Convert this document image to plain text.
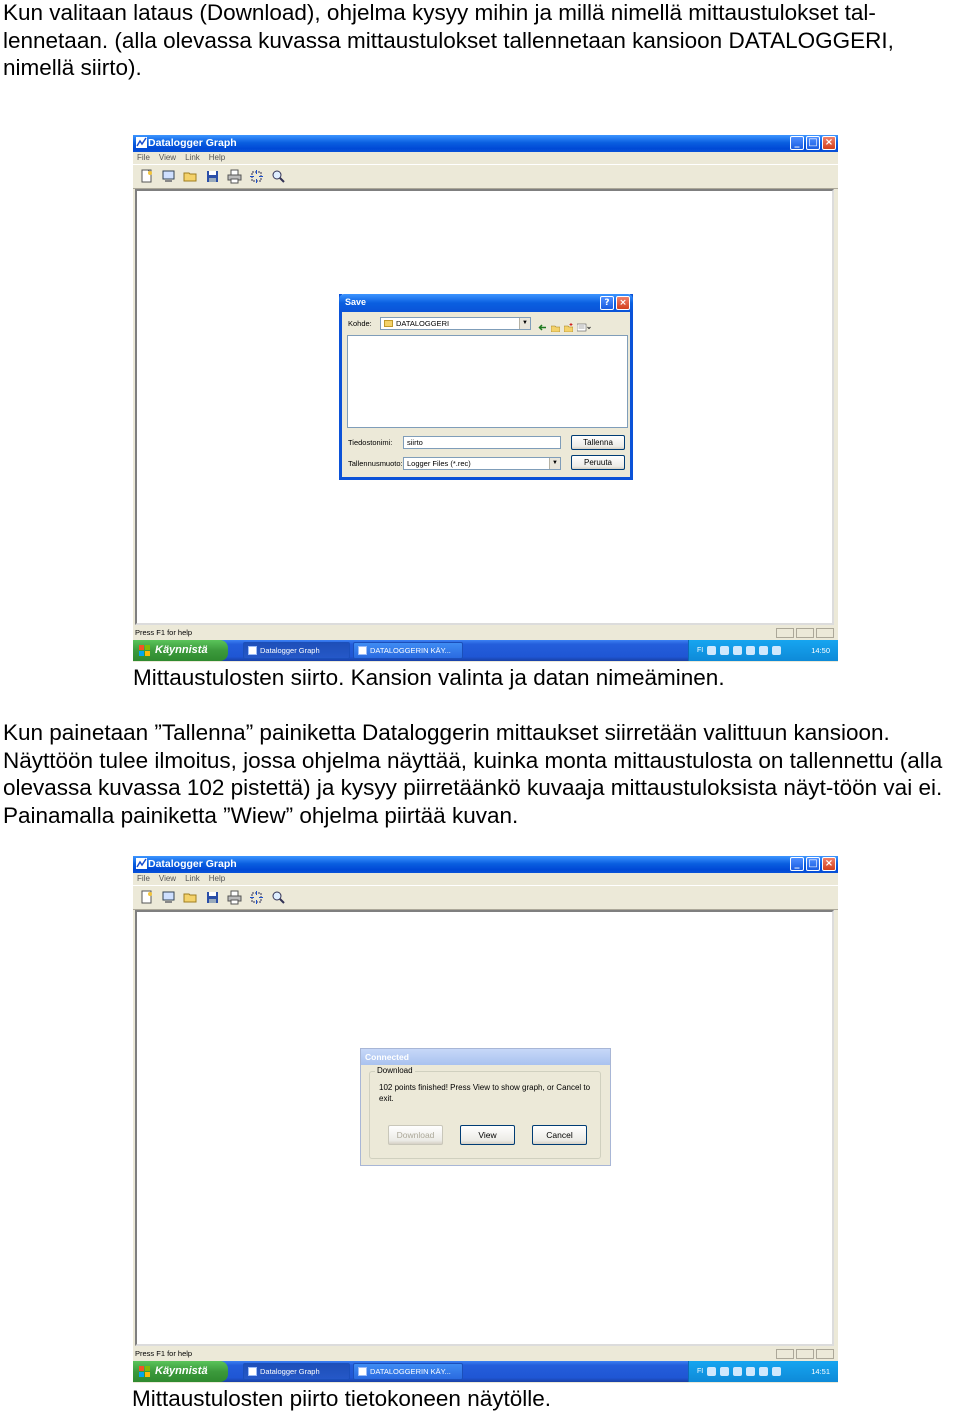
Kun valitaan lataus (Download), ohjelma kysyy mihin ja millä nimellä mittaustulokset tal-lennetaan. (alla olevassa kuvassa mittaustulokset tallennetaan kansioon DATALOGGERI, nimellä siirto).

Datalogger Graph	_ □ ×
File View Link Help
Press F1 for help
Käynnistä	Datalogger Graph	DATALOGGERIN KÄY...	FI	14:50
Save	?	×
Kohde:	DATALOGGERI	▼
Tiedostonimi:	siirto
Tallennusmuoto: Logger Files (*.rec)	▼
Tallenna
Peruuta
Mittaustulosten siirto. Kansion valinta ja datan nimeäminen.

Kun painetaan ”Tallenna” painiketta Dataloggerin mittaukset siirretään valittuun kansioon. Näyttöön tulee ilmoitus, jossa ohjelma näyttää, kuinka monta mittaustulosta on tallennettu (alla olevassa kuvassa 102 pistettä) ja kysyy piirretäänkö kuvaaja mittaustuloksista näyt-töön vai ei. Painamalla painiketta ”Wiew” ohjelma piirtää kuvan.

Datalogger Graph	_ □ ×
File View Link Help
Press F1 for help
Käynnistä	Datalogger Graph	DATALOGGERIN KÄY...	FI	14:51
Connected
Download
102 points finished! Press View to show graph, or Cancel to exit.
Download	View	Cancel
Mittaustulosten piirto tietokoneen näytölle.
